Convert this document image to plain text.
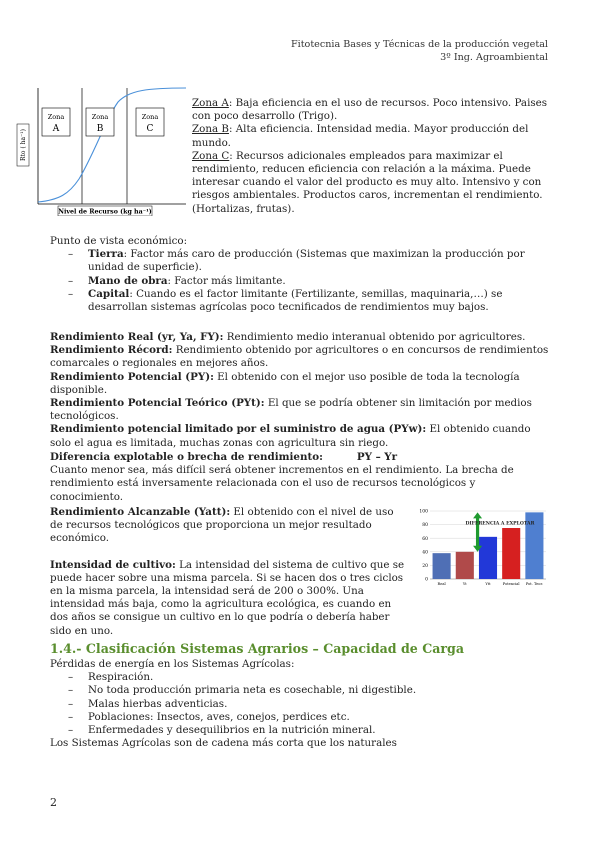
Fitotecnia Bases y Técnicas de la producción vegetal
3º Ing. Agroambiental
Zona
A
Zona
B
Zona
C
Rto ( ha⁻¹)
Nivel de Recurso (kg ha⁻¹)

Zona A: Baja eficiencia en el uso de recursos. Poco intensivo. Paises con poco desarrollo (Trigo).

Zona B: Alta eficiencia. Intensidad media. Mayor producción del mundo.

Zona C: Recursos adicionales empleados para maximizar el rendimiento, reducen eficiencia con relación a la máxima. Puede interesar cuando el valor del producto es muy alto. Intensivo y con riesgos ambientales. Productos caros, incrementan el rendimiento. (Hortalizas, frutas).

Punto de vista económico:

– Tierra: Factor más caro de producción (Sistemas que maximizan la producción por unidad de superficie).
– Mano de obra: Factor más limitante.
– Capital: Cuando es el factor limitante (Fertilizante, semillas, maquinaria,…) se desarrollan sistemas agrícolas poco tecnificados de rendimientos muy bajos.

Rendimiento Real (yr, Ya, FY): Rendimiento medio interanual obtenido por agricultores.

Rendimiento Récord: Rendimiento obtenido por agricultores o en concursos de rendimientos comarcales o regionales en mejores años.

Rendimiento Potencial (PY): El obtenido con el mejor uso posible de toda la tecnología disponible.

Rendimiento Potencial Teórico (PYt): El que se podría obtener sin limitación por medios tecnológicos.

Rendimiento potencial limitado por el suministro de agua (PYw): El obtenido cuando solo el agua es limitada, muchas zonas con agricultura sin riego.

Diferencia explotable o brecha de rendimiento:	PY – Yr

Cuanto menor sea, más difícil será obtener incrementos en el rendimiento. La brecha de rendimiento está inversamente relacionada con el uso de recursos tecnológicos y conocimiento.

Rendimiento Alcanzable (Yatt): El obtenido con el nivel de uso de recursos tecnológicos que proporciona un mejor resultado económico.

Intensidad de cultivo: La intensidad del sistema de cultivo que se puede hacer sobre una misma parcela. Si se hacen dos o tres ciclos en la misma parcela, la intensidad será de 200 o 300%. Una intensidad más baja, como la agricultura ecológica, es cuando en dos años se consigue un cultivo en lo que podría o debería haber sido en uno.

0
20
40
60
80
100
DIFERENCIA A EXPLOTAR
Real	Yt	Ytt	Potencial Pot. Teor.
1.4.- Clasificación Sistemas Agrarios – Capacidad de Carga

Pérdidas de energía en los Sistemas Agrícolas:

– Respiración.
– No toda producción primaria neta es cosechable, ni digestible.
– Malas hierbas adventicias.
– Poblaciones: Insectos, aves, conejos, perdices etc.
– Enfermedades y desequilibrios en la nutrición mineral.

Los Sistemas Agrícolas son de cadena más corta que los naturales

2
